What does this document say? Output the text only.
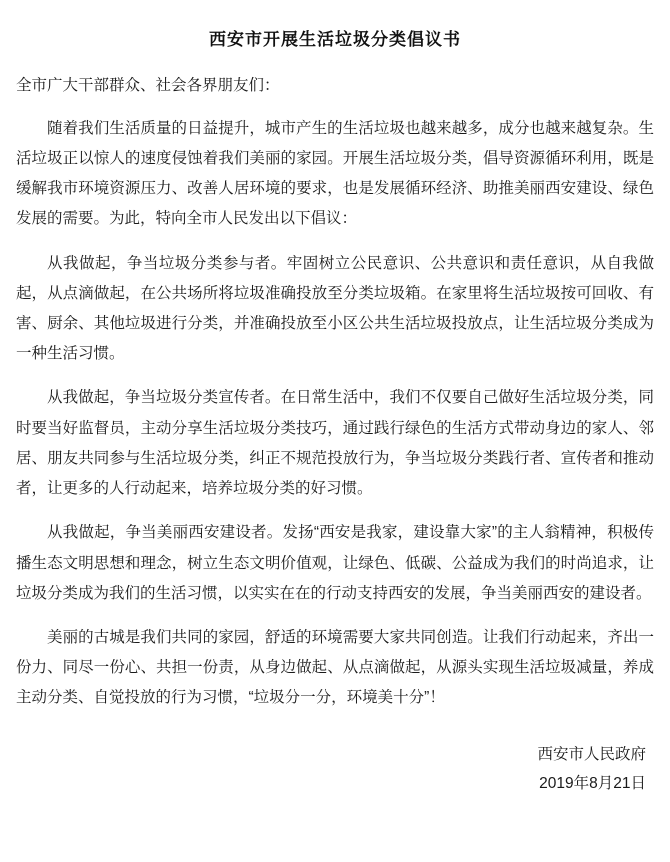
西安市开展生活垃圾分类倡议书

全市广大干部群众、社会各界朋友们：

随着我们生活质量的日益提升，城市产生的生活垃圾也越来越多，成分也越来越复杂。生活垃圾正以惊人的速度侵蚀着我们美丽的家园。开展生活垃圾分类，倡导资源循环利用，既是缓解我市环境资源压力、改善人居环境的要求，也是发展循环经济、助推美丽西安建设、绿色发展的需要。为此，特向全市人民发出以下倡议：

从我做起，争当垃圾分类参与者。牢固树立公民意识、公共意识和责任意识，从自我做起，从点滴做起，在公共场所将垃圾准确投放至分类垃圾箱。在家里将生活垃圾按可回收、有害、厨余、其他垃圾进行分类，并准确投放至小区公共生活垃圾投放点，让生活垃圾分类成为一种生活习惯。

从我做起，争当垃圾分类宣传者。在日常生活中，我们不仅要自己做好生活垃圾分类，同时要当好监督员，主动分享生活垃圾分类技巧，通过践行绿色的生活方式带动身边的家人、邻居、朋友共同参与生活垃圾分类，纠正不规范投放行为，争当垃圾分类践行者、宣传者和推动者，让更多的人行动起来，培养垃圾分类的好习惯。

从我做起，争当美丽西安建设者。发扬“西安是我家，建设靠大家”的主人翁精神，积极传播生态文明思想和理念，树立生态文明价值观，让绿色、低碳、公益成为我们的时尚追求，让垃圾分类成为我们的生活习惯，以实实在在的行动支持西安的发展，争当美丽西安的建设者。

美丽的古城是我们共同的家园，舒适的环境需要大家共同创造。让我们行动起来，齐出一份力、同尽一份心、共担一份责，从身边做起、从点滴做起，从源头实现生活垃圾减量，养成主动分类、自觉投放的行为习惯，“垃圾分一分，环境美十分”！

西安市人民政府
2019年8月21日
